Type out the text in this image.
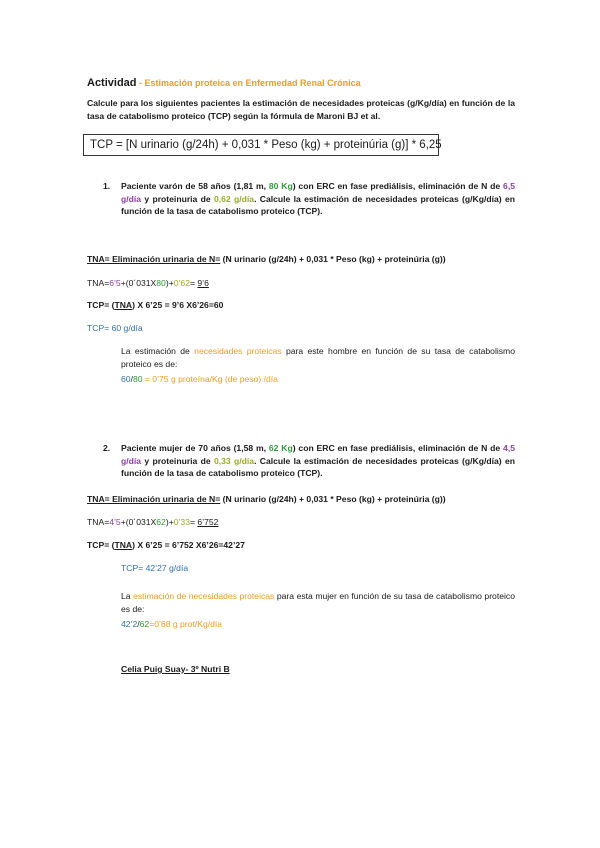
Actividad - Estimación proteica en Enfermedad Renal Crónica
Calcule para los siguientes pacientes la estimación de necesidades proteicas (g/Kg/día) en función de la tasa de catabolismo proteico (TCP) según la fórmula de Maroni BJ et al.
TCP = [N urinario (g/24h) + 0,031 * Peso (kg) + proteinúria (g)] * 6,25
1. Paciente varón de 58 años (1,81 m, 80 Kg) con ERC en fase prediálisis, eliminación de N de 6,5 g/día y proteinuria de 0,62 g/día. Calcule la estimación de necesidades proteicas (g/Kg/día) en función de la tasa de catabolismo proteico (TCP).
TNA= Eliminación urinaria de N= (N urinario (g/24h) + 0,031 * Peso (kg) + proteinúria (g))
TNA=6’5+(0´031X80)+0’62= 9’6
TCP= (TNA) X 6’25 = 9’6 X6’26=60
TCP= 60 g/día
La estimación de necesidades proteicas para este hombre en función de su tasa de catabolismo proteico es de:
60/80 = 0’75 g proteína/Kg (de peso) /día
2. Paciente mujer de 70 años (1,58 m, 62 Kg) con ERC en fase prediálisis, eliminación de N de 4,5 g/día y proteinuria de 0,33 g/día. Calcule la estimación de necesidades proteicas (g/Kg/día) en función de la tasa de catabolismo proteico (TCP).
TNA= Eliminación urinaria de N= (N urinario (g/24h) + 0,031 * Peso (kg) + proteinúria (g))
TNA=4’5+(0´031X62)+0’33= 6’752
TCP= (TNA) X 6’25 = 6’752 X6’26=42’27
TCP= 42’27 g/día
La estimación de necesidades proteicas para esta mujer en función de su tasa de catabolismo proteico es de:
42’2/62=0’68 g prot/Kg/día
Celia Puig Suay- 3º Nutri B
